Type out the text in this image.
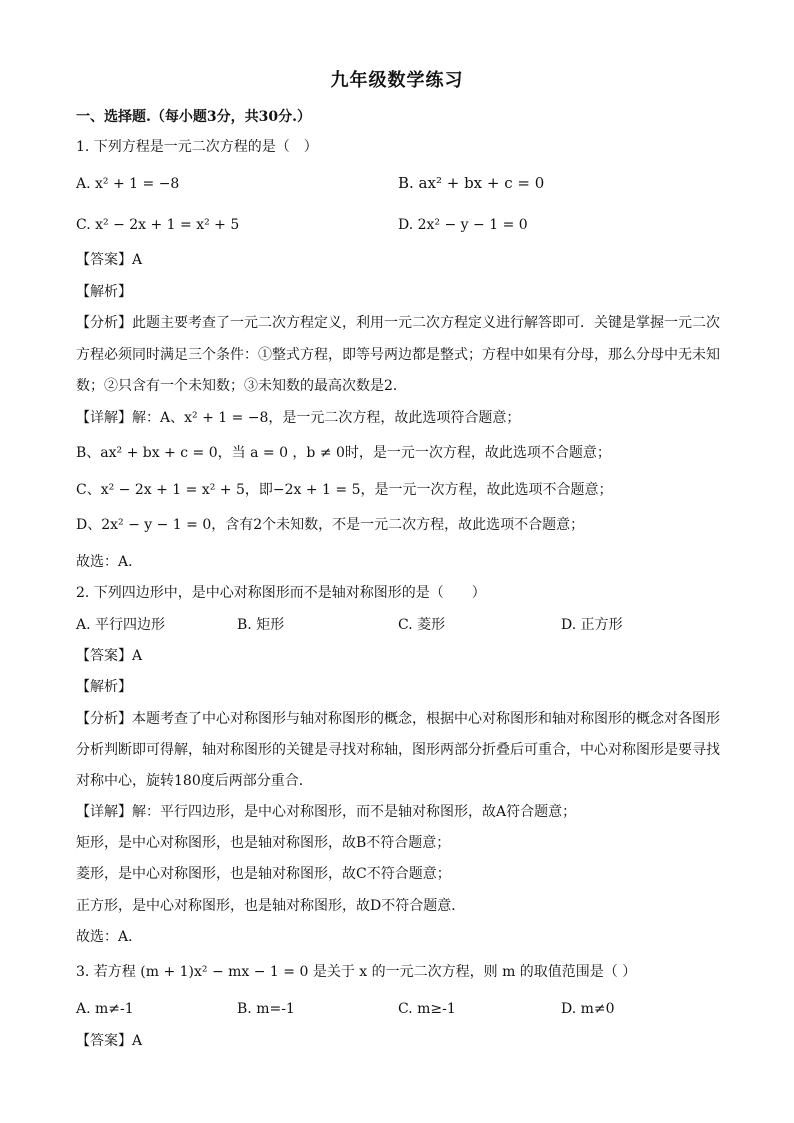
九年级数学练习
一、选择题.（每小题3分，共30分.）
1. 下列方程是一元二次方程的是（　）
A. x² + 1 = −8	B. ax² + bx + c = 0
C. x² − 2x + 1 = x² + 5	D. 2x² − y − 1 = 0
【答案】A
【解析】
【分析】此题主要考查了一元二次方程定义，利用一元二次方程定义进行解答即可．关键是掌握一元二次
方程必须同时满足三个条件：①整式方程，即等号两边都是整式；方程中如果有分母，那么分母中无未知
数；②只含有一个未知数；③未知数的最高次数是2．
【详解】解：A、x² + 1 = −8，是一元二次方程，故此选项符合题意；
B、ax² + bx + c = 0，当 a = 0 ，b ≠ 0时，是一元一次方程，故此选项不合题意；
C、x² − 2x + 1 = x² + 5，即−2x + 1 = 5，是一元一次方程，故此选项不合题意；
D、2x² − y − 1 = 0，含有2个未知数，不是一元二次方程，故此选项不合题意；
故选：A．
2. 下列四边形中，是中心对称图形而不是轴对称图形的是（　　）
A. 平行四边形	B. 矩形	C. 菱形	D. 正方形
【答案】A
【解析】
【分析】本题考查了中心对称图形与轴对称图形的概念，根据中心对称图形和轴对称图形的概念对各图形
分析判断即可得解，轴对称图形的关键是寻找对称轴，图形两部分折叠后可重合，中心对称图形是要寻找
对称中心，旋转180度后两部分重合．
【详解】解：平行四边形，是中心对称图形，而不是轴对称图形，故A符合题意；
矩形，是中心对称图形，也是轴对称图形，故B不符合题意；
菱形，是中心对称图形，也是轴对称图形，故C不符合题意；
正方形，是中心对称图形，也是轴对称图形，故D不符合题意．
故选：A．
3. 若方程 (m + 1)x² − mx − 1 = 0 是关于 x 的一元二次方程，则 m 的取值范围是（ ）
A. m≠-1	B. m=-1	C. m≥-1	D. m≠0
【答案】A
